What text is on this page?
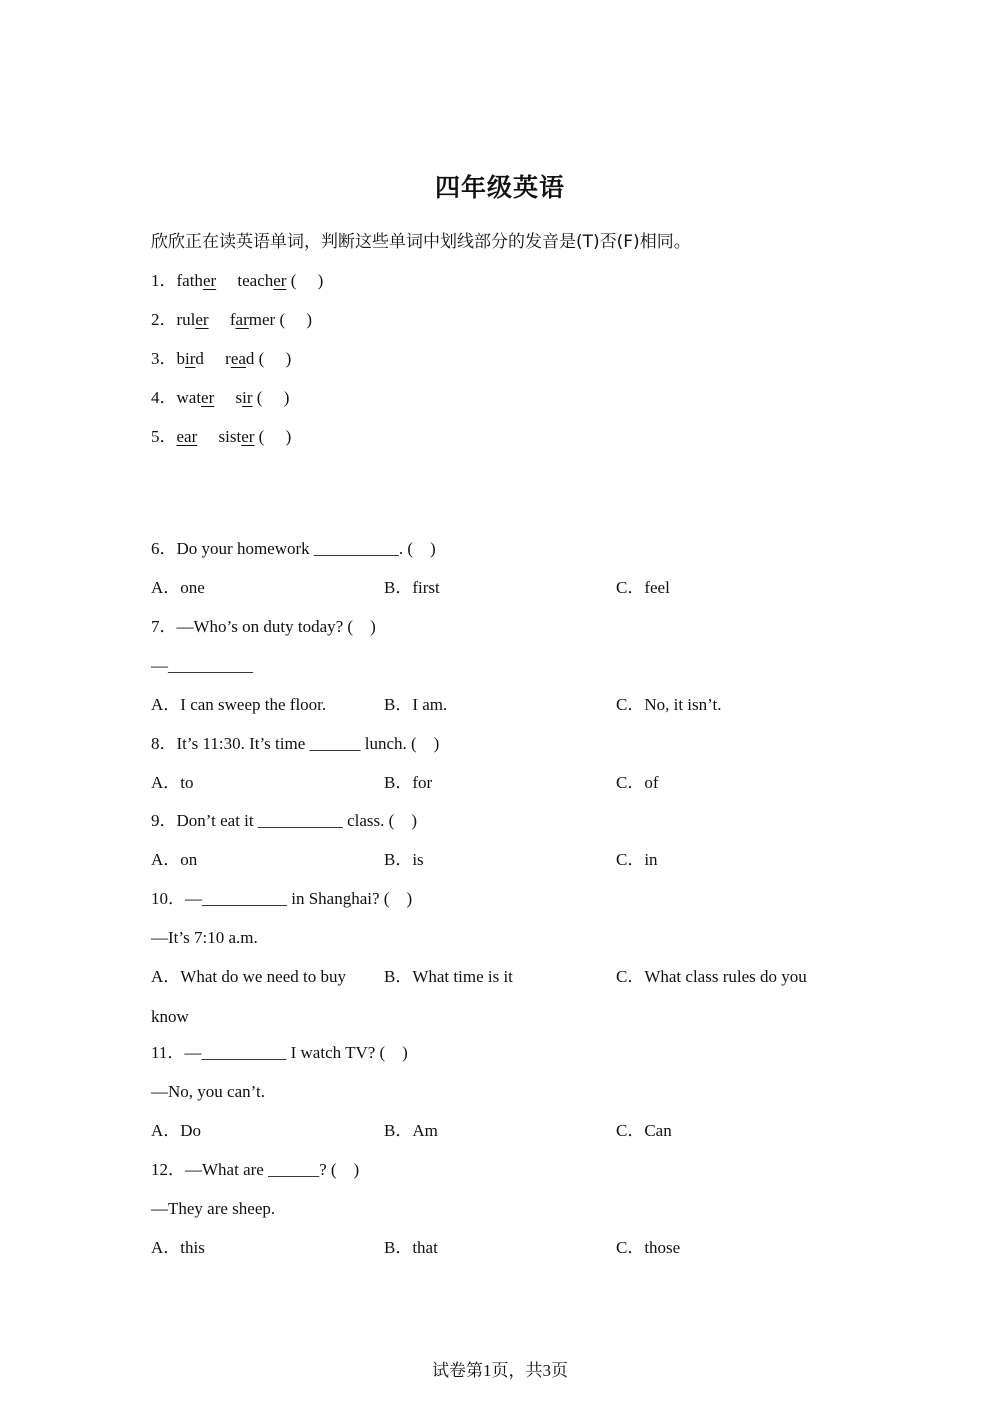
四年级英语
欣欣正在读英语单词，判断这些单词中划线部分的发音是(T)否(F)相同。
1．father teacher (     )
2．ruler farmer (     )
3．bird read (     )
4．water sir (     )
5．ear sister (     )
6．Do your homework __________. (    )
A．one	B．first	C．feel
7．—Who’s on duty today? (    )
—__________
A．I can sweep the floor.	B．I am.	C．No, it isn’t.
8．It’s 11:30. It’s time ______ lunch. (    )
A．to	B．for	C．of
9．Don’t eat it __________ class. (    )
A．on	B．is	C．in
10．—__________ in Shanghai? (    )
—It’s 7:10 a.m.
A．What do we need to buy B．What time is it	C．What class rules do you
know
11．—__________ I watch TV? (    )
—No, you can’t.
A．Do	B．Am	C．Can
12．—What are ______? (    )
—They are sheep.
A．this	B．that	C．those
试卷第1页，共3页
